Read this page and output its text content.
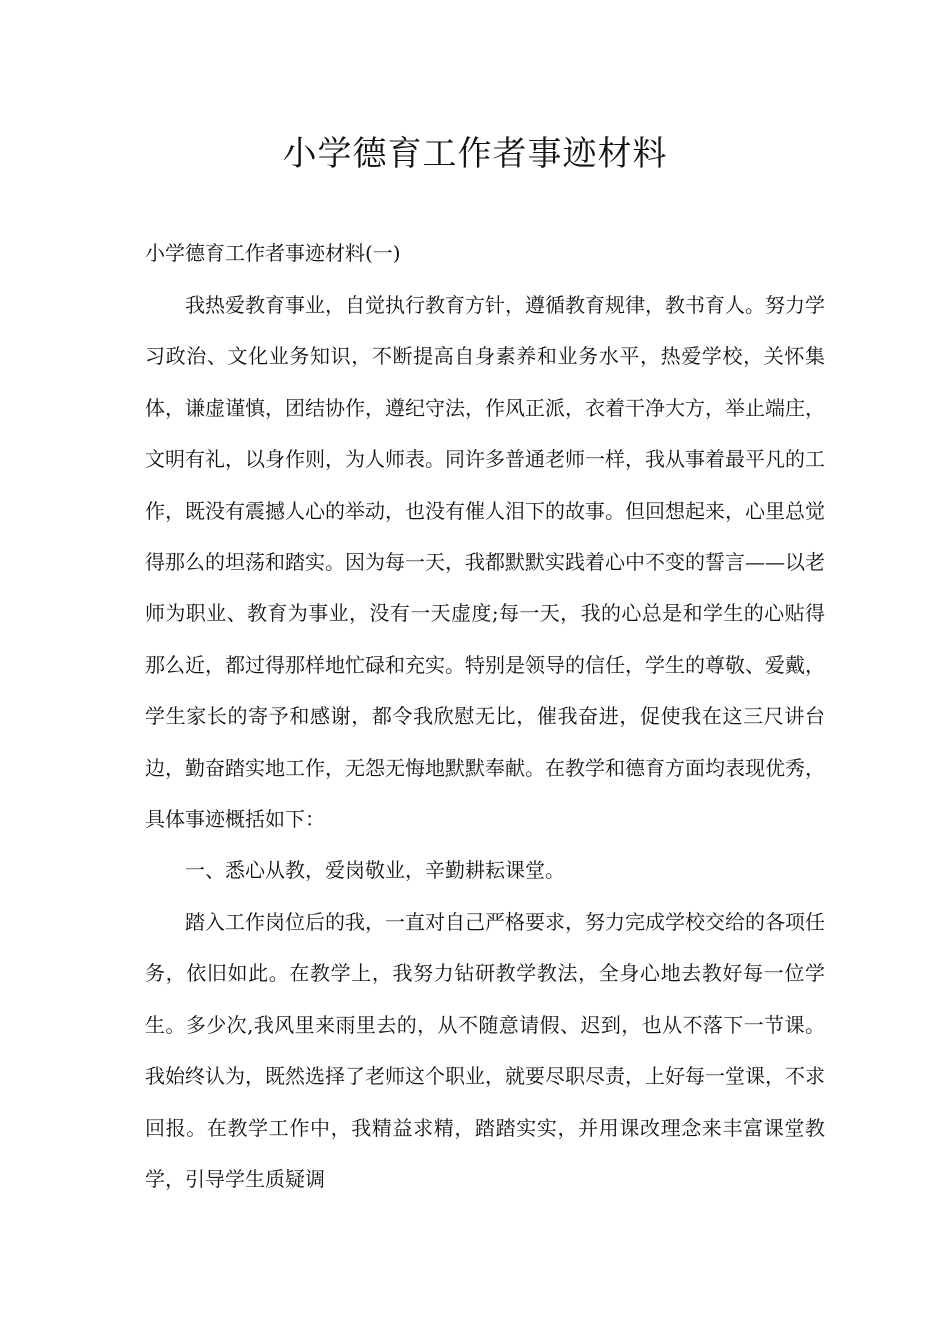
小学德育工作者事迹材料

小学德育工作者事迹材料(一)

我热爱教育事业，自觉执行教育方针，遵循教育规律，教书育人。努力学习政治、文化业务知识，不断提高自身素养和业务水平，热爱学校，关怀集体，谦虚谨慎，团结协作，遵纪守法，作风正派，衣着干净大方，举止端庄，文明有礼，以身作则，为人师表。同许多普通老师一样，我从事着最平凡的工作，既没有震撼人心的举动，也没有催人泪下的故事。但回想起来，心里总觉得那么的坦荡和踏实。因为每一天，我都默默实践着心中不变的誓言——以老师为职业、教育为事业，没有一天虚度;每一天，我的心总是和学生的心贴得那么近，都过得那样地忙碌和充实。特别是领导的信任，学生的尊敬、爱戴，学生家长的寄予和感谢，都令我欣慰无比，催我奋进，促使我在这三尺讲台边，勤奋踏实地工作，无怨无悔地默默奉献。在教学和德育方面均表现优秀，具体事迹概括如下：

一、悉心从教，爱岗敬业，辛勤耕耘课堂。

踏入工作岗位后的我，一直对自己严格要求，努力完成学校交给的各项任务，依旧如此。在教学上，我努力钻研教学教法，全身心地去教好每一位学生。多少次,我风里来雨里去的，从不随意请假、迟到，也从不落下一节课。我始终认为，既然选择了老师这个职业，就要尽职尽责，上好每一堂课，不求回报。在教学工作中，我精益求精，踏踏实实，并用课改理念来丰富课堂教学，引导学生质疑调
